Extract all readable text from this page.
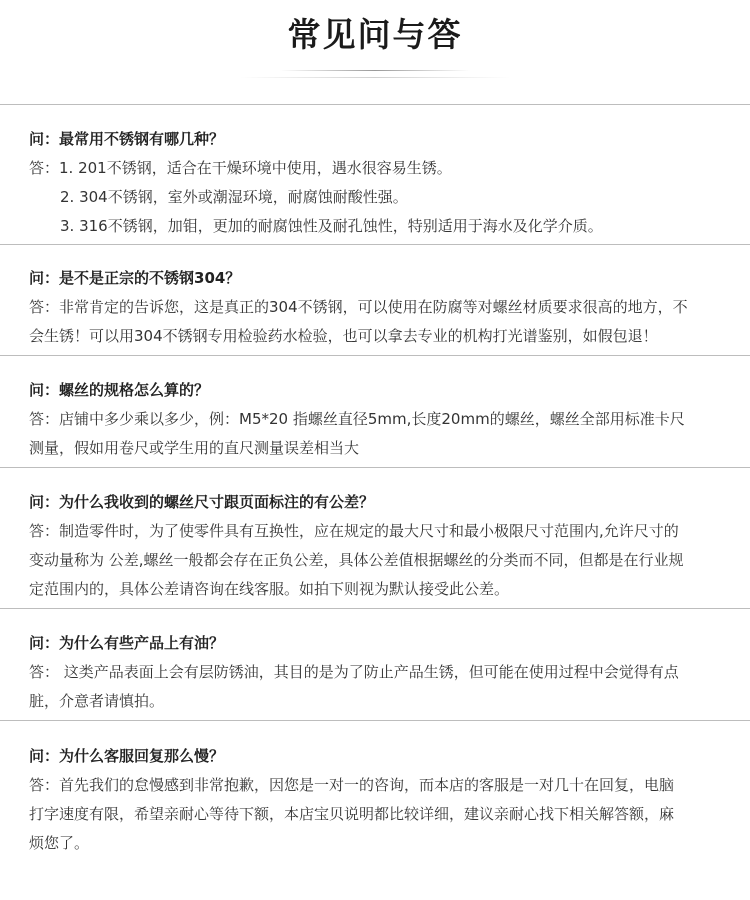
常见问与答

问：最常用不锈钢有哪几种？

答：1. 201不锈钢，适合在干燥环境中使用，遇水很容易生锈。

2. 304不锈钢，室外或潮湿环境，耐腐蚀耐酸性强。

3. 316不锈钢，加钼，更加的耐腐蚀性及耐孔蚀性，特别适用于海水及化学介质。

问：是不是正宗的不锈钢304？

答：非常肯定的告诉您，这是真正的304不锈钢，可以使用在防腐等对螺丝材质要求很高的地方，不

会生锈！可以用304不锈钢专用检验药水检验，也可以拿去专业的机构打光谱鉴别，如假包退！

问：螺丝的规格怎么算的？

答：店铺中多少乘以多少，例：M5*20 指螺丝直径5mm,长度20mm的螺丝，螺丝全部用标准卡尺

测量，假如用卷尺或学生用的直尺测量误差相当大

问：为什么我收到的螺丝尺寸跟页面标注的有公差？

答：制造零件时，为了使零件具有互换性，应在规定的最大尺寸和最小极限尺寸范围内,允许尺寸的

变动量称为 公差,螺丝一般都会存在正负公差，具体公差值根据螺丝的分类而不同，但都是在行业规

定范围内的，具体公差请咨询在线客服。如拍下则视为默认接受此公差。

问：为什么有些产品上有油？

答： 这类产品表面上会有层防锈油，其目的是为了防止产品生锈，但可能在使用过程中会觉得有点

脏，介意者请慎拍。

问：为什么客服回复那么慢？

答：首先我们的怠慢感到非常抱歉，因您是一对一的咨询，而本店的客服是一对几十在回复，电脑

打字速度有限，希望亲耐心等待下额，本店宝贝说明都比较详细，建议亲耐心找下相关解答额，麻

烦您了。
